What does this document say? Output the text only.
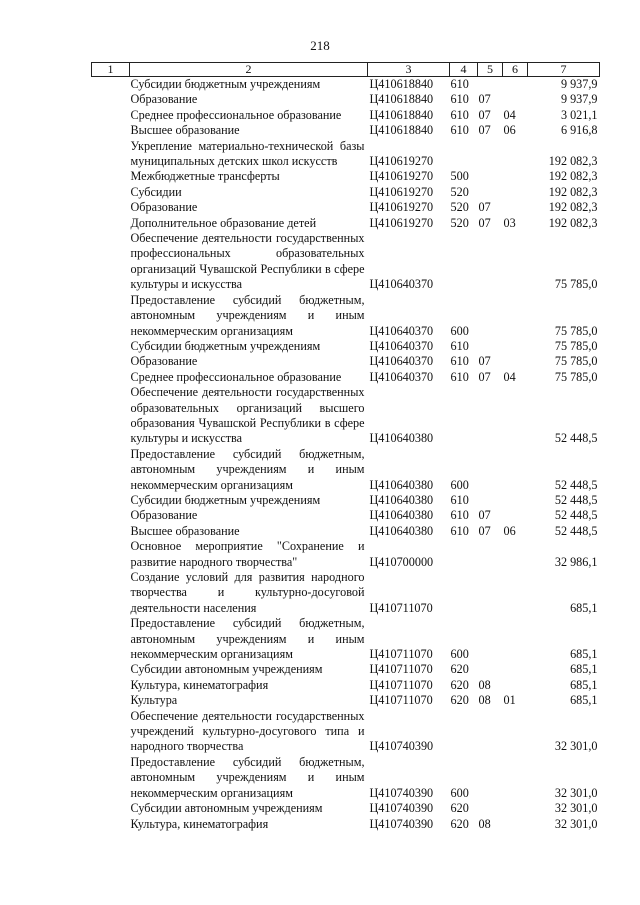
218
1	2	3	4	5	6	7
	Субсидии бюджетным учреждениям	Ц410618840	610			9 937,9
	Образование	Ц410618840	610	07		9 937,9
	Среднее профессиональное образование	Ц410618840	610	07	04	3 021,1
	Высшее образование	Ц410618840	610	07	06	6 916,8
	Укрепление материально-технической базы муниципальных детских школ искусств	Ц410619270				192 082,3
	Межбюджетные трансферты	Ц410619270	500			192 082,3
	Субсидии	Ц410619270	520			192 082,3
	Образование	Ц410619270	520	07		192 082,3
	Дополнительное образование детей	Ц410619270	520	07	03	192 082,3
	Обеспечение деятельности государственных профессиональных образовательных организаций Чувашской Республики в сфере культуры и искусства	Ц410640370				75 785,0
	Предоставление субсидий бюджетным, автономным учреждениям и иным некоммерческим организациям	Ц410640370	600			75 785,0
	Субсидии бюджетным учреждениям	Ц410640370	610			75 785,0
	Образование	Ц410640370	610	07		75 785,0
	Среднее профессиональное образование	Ц410640370	610	07	04	75 785,0
	Обеспечение деятельности государственных образовательных организаций высшего образования Чувашской Республики в сфере культуры и искусства	Ц410640380				52 448,5
	Предоставление субсидий бюджетным, автономным учреждениям и иным некоммерческим организациям	Ц410640380	600			52 448,5
	Субсидии бюджетным учреждениям	Ц410640380	610			52 448,5
	Образование	Ц410640380	610	07		52 448,5
	Высшее образование	Ц410640380	610	07	06	52 448,5
	Основное мероприятие "Сохранение и развитие народного творчества"	Ц410700000				32 986,1
	Создание условий для развития народного творчества и культурно-досуговой деятельности населения	Ц410711070				685,1
	Предоставление субсидий бюджетным, автономным учреждениям и иным некоммерческим организациям	Ц410711070	600			685,1
	Субсидии автономным учреждениям	Ц410711070	620			685,1
	Культура, кинематография	Ц410711070	620	08		685,1
	Культура	Ц410711070	620	08	01	685,1
	Обеспечение деятельности государственных учреждений культурно-досугового типа и народного творчества	Ц410740390				32 301,0
	Предоставление субсидий бюджетным, автономным учреждениям и иным некоммерческим организациям	Ц410740390	600			32 301,0
	Субсидии автономным учреждениям	Ц410740390	620			32 301,0
	Культура, кинематография	Ц410740390	620	08		32 301,0
